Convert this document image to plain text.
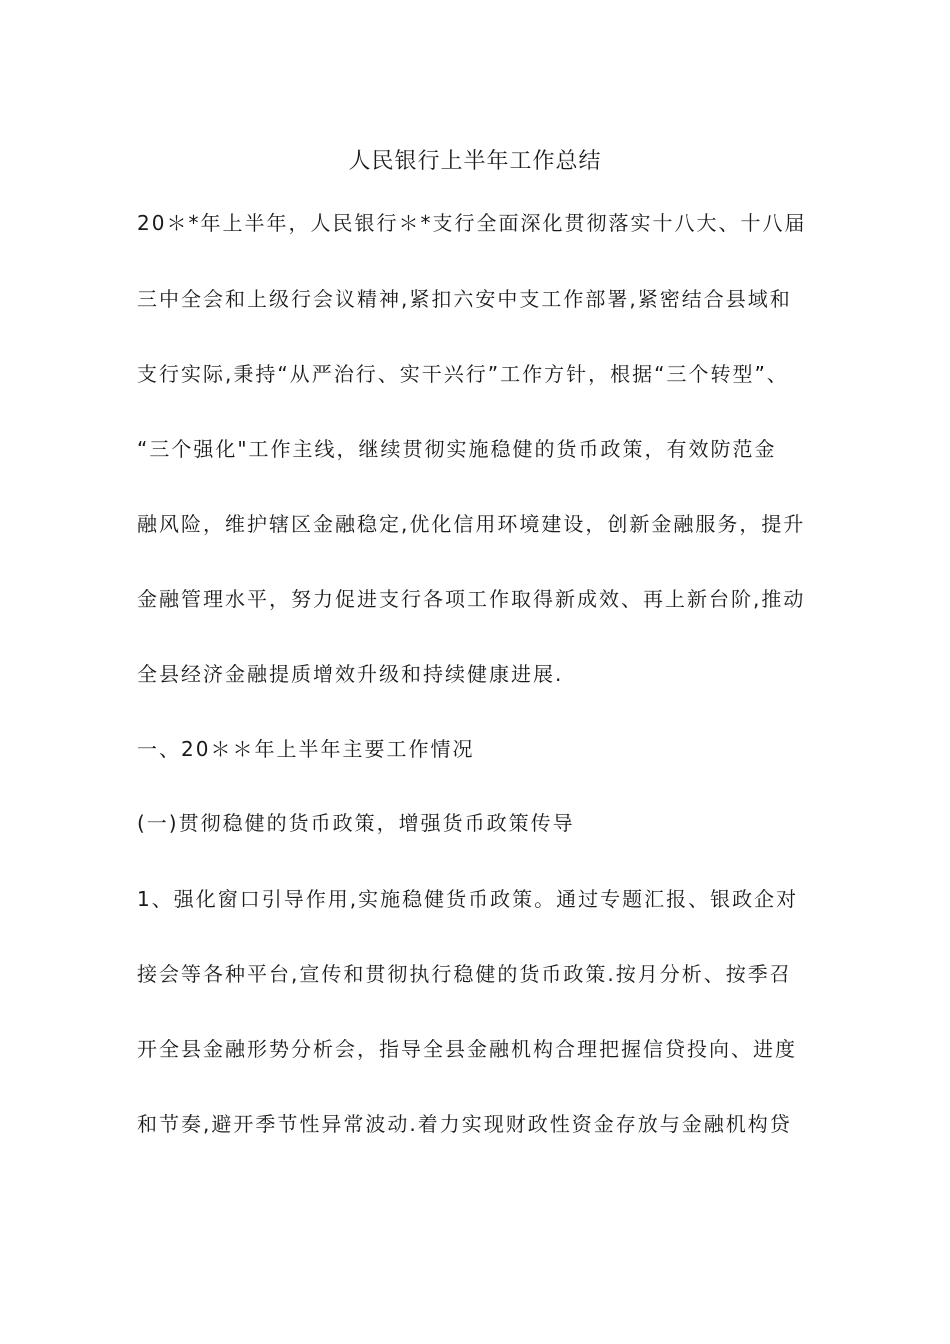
人民银行上半年工作总结
20＊*年上半年，人民银行＊*支行全面深化贯彻落实十八大、十八届
三中全会和上级行会议精神,紧扣六安中支工作部署,紧密结合县域和
支行实际,秉持“从严治行、实干兴行”工作方针，根据“三个转型”、
“三个强化"工作主线，继续贯彻实施稳健的货币政策，有效防范金
融风险，维护辖区金融稳定,优化信用环境建设，创新金融服务，提升
金融管理水平，努力促进支行各项工作取得新成效、再上新台阶,推动
全县经济金融提质增效升级和持续健康进展.
一、20＊＊年上半年主要工作情况
(一)贯彻稳健的货币政策，增强货币政策传导
1、强化窗口引导作用,实施稳健货币政策。通过专题汇报、银政企对
接会等各种平台,宣传和贯彻执行稳健的货币政策.按月分析、按季召
开全县金融形势分析会，指导全县金融机构合理把握信贷投向、进度
和节奏,避开季节性异常波动.着力实现财政性资金存放与金融机构贷
